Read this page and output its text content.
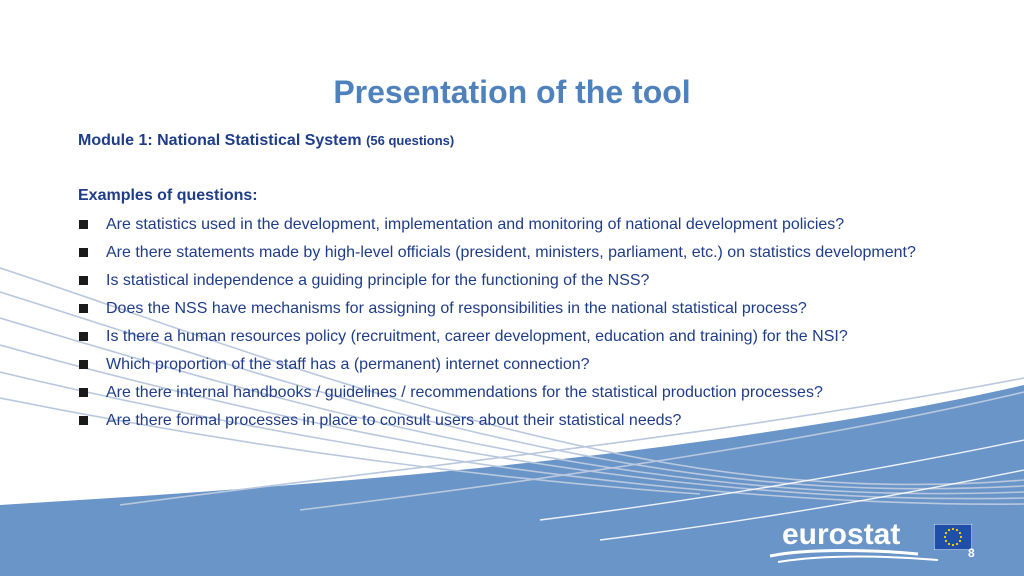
Presentation of the tool

Module 1: National Statistical System (56 questions)

Examples of questions:

Are statistics used in the development, implementation and monitoring of national development policies?
Are there statements made by high-level officials (president, ministers, parliament, etc.) on statistics development?
Is statistical independence a guiding principle for the functioning of the NSS?
Does the NSS have mechanisms for assigning of responsibilities in the national statistical process?
Is there a human resources policy (recruitment, career development, education and training) for the NSI?
Which proportion of the staff has a (permanent) internet connection?
Are there internal handbooks / guidelines / recommendations for the statistical production processes?
Are there formal processes in place to consult users about their statistical needs?
eurostat
8
